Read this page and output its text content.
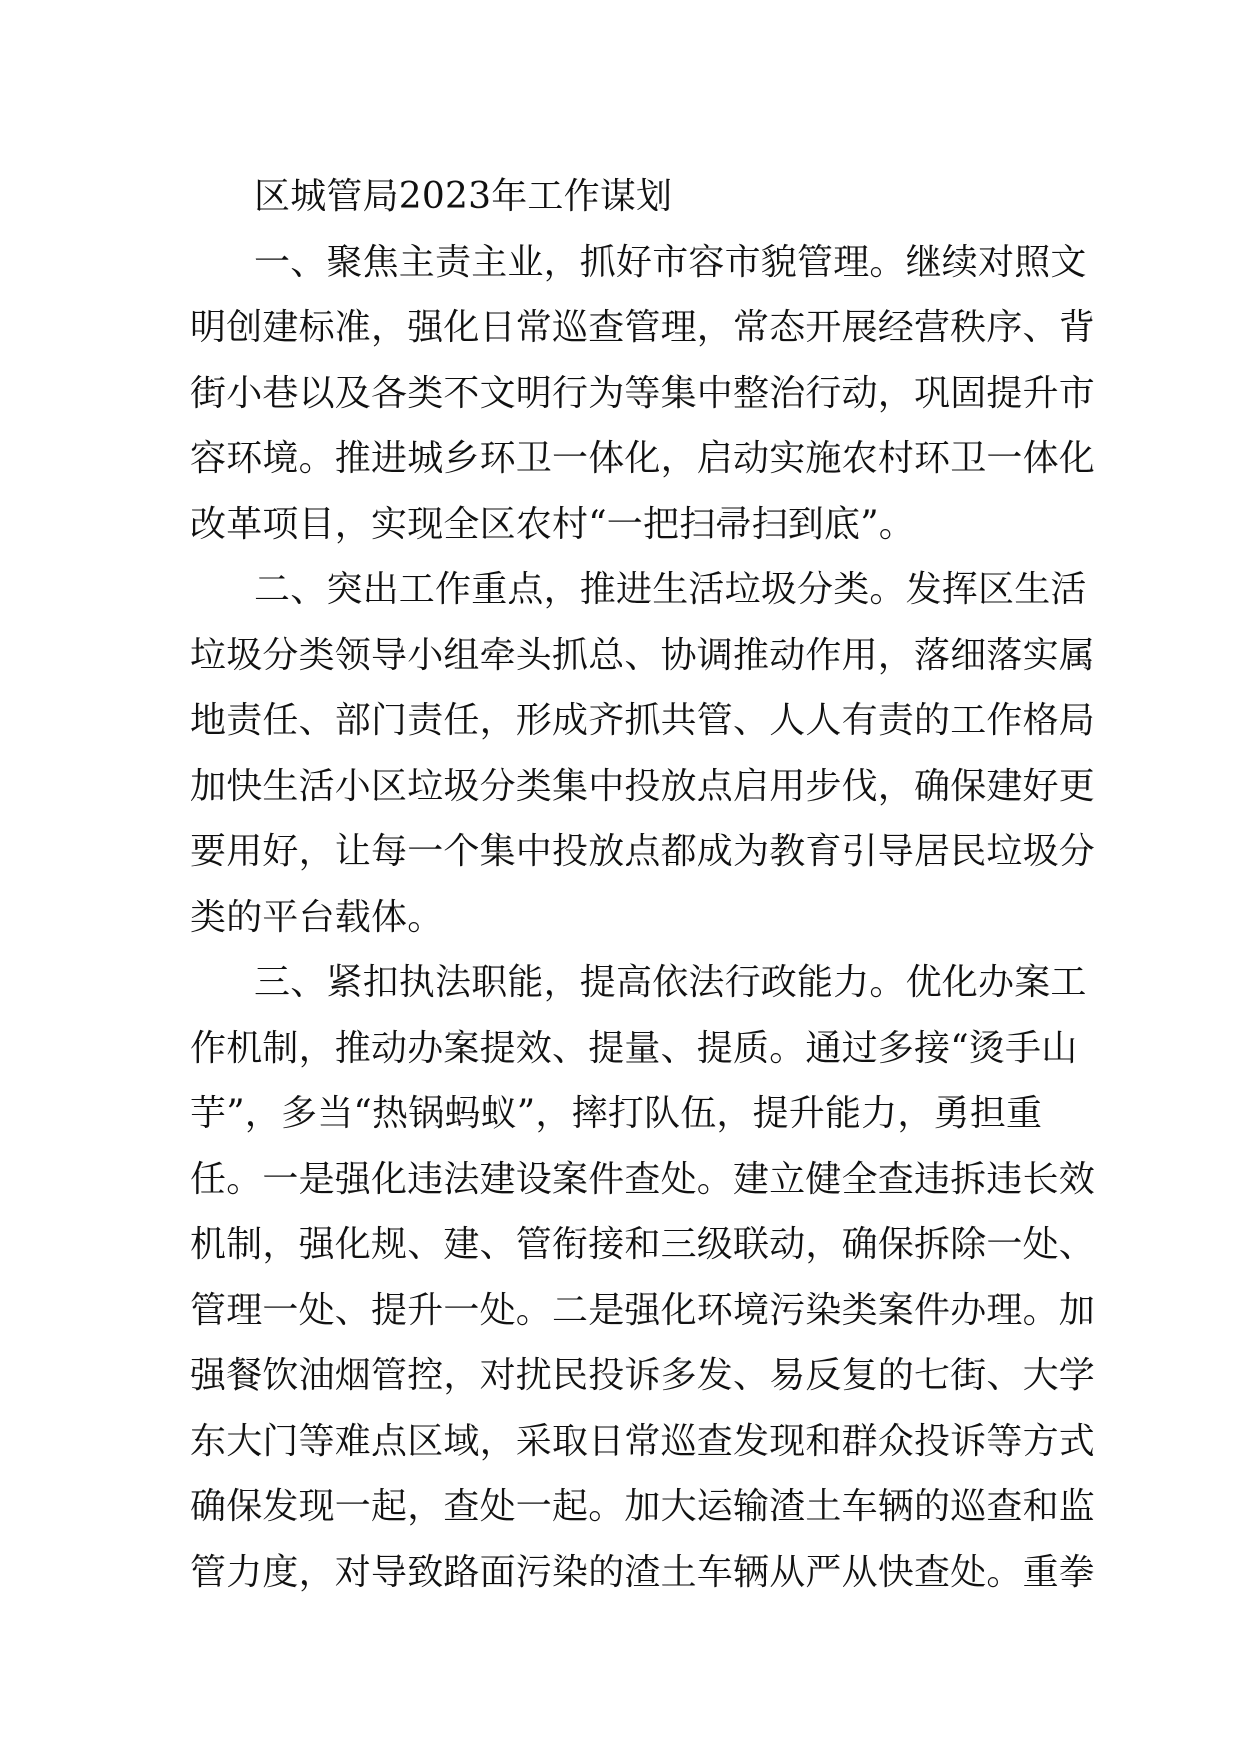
区城管局2023年工作谋划
一、聚焦主责主业，抓好市容市貌管理。继续对照文
明创建标准，强化日常巡查管理，常态开展经营秩序、背
街小巷以及各类不文明行为等集中整治行动，巩固提升市
容环境。推进城乡环卫一体化，启动实施农村环卫一体化
改革项目，实现全区农村“一把扫帚扫到底”。
二、突出工作重点，推进生活垃圾分类。发挥区生活
垃圾分类领导小组牵头抓总、协调推动作用，落细落实属
地责任、部门责任，形成齐抓共管、人人有责的工作格局
加快生活小区垃圾分类集中投放点启用步伐，确保建好更
要用好，让每一个集中投放点都成为教育引导居民垃圾分
类的平台载体。
三、紧扣执法职能，提高依法行政能力。优化办案工
作机制，推动办案提效、提量、提质。通过多接“烫手山
芋”，多当“热锅蚂蚁”，摔打队伍，提升能力，勇担重
任。一是强化违法建设案件查处。建立健全查违拆违长效
机制，强化规、建、管衔接和三级联动，确保拆除一处、
管理一处、提升一处。二是强化环境污染类案件办理。加
强餐饮油烟管控，对扰民投诉多发、易反复的七街、大学
东大门等难点区域，采取日常巡查发现和群众投诉等方式
确保发现一起，查处一起。加大运输渣土车辆的巡查和监
管力度，对导致路面污染的渣土车辆从严从快查处。重拳
